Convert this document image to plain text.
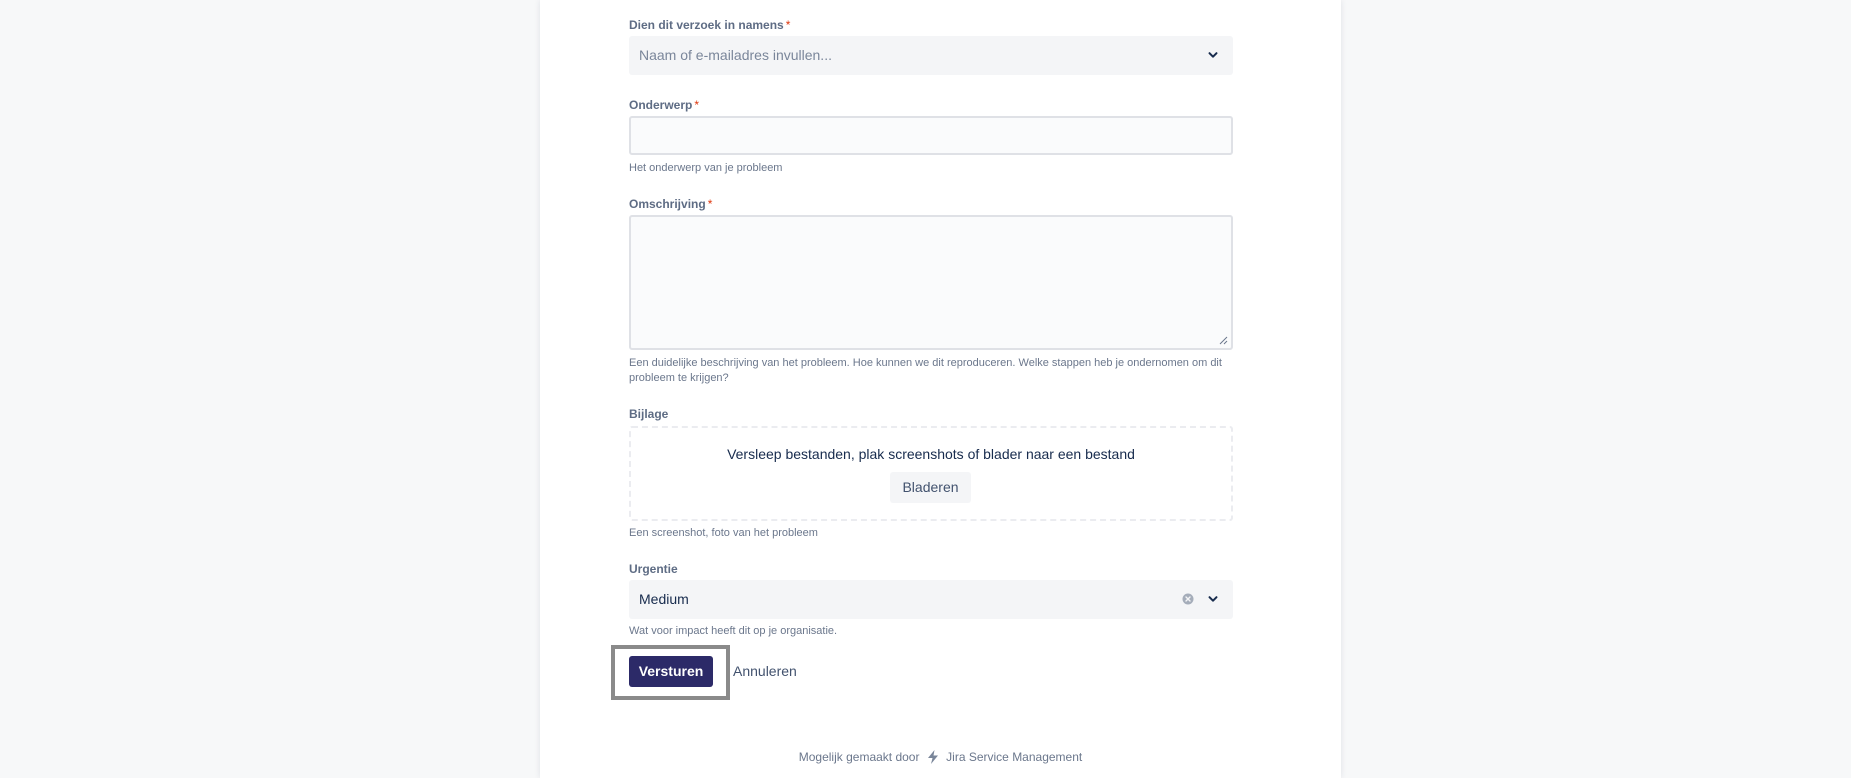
Dien dit verzoek in namens *
Naam of e-mailadres invullen...
Onderwerp *
Het onderwerp van je probleem
Omschrijving *
Een duidelijke beschrijving van het probleem. Hoe kunnen we dit reproduceren. Welke stappen heb je ondernomen om dit probleem te krijgen?
Bijlage
Versleep bestanden, plak screenshots of blader naar een bestand
Bladeren
Een screenshot, foto van het probleem
Urgentie
Medium
Wat voor impact heeft dit op je organisatie.
Versturen	Annuleren
Mogelijk gemaakt door Jira Service Management
